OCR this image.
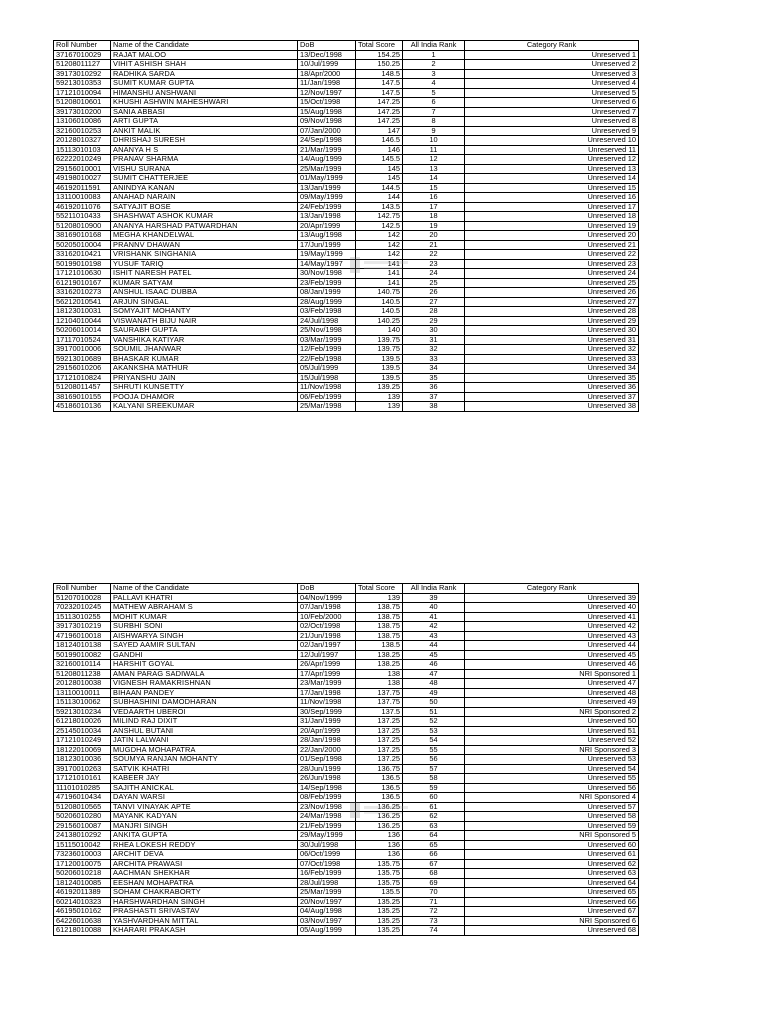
Roll Number	Name of the Candidate	DoB	Total Score	All India Rank	Category Rank
37167010029	RAJAT MALOO	13/Dec/1998	154.25	1	Unreserved 1
51208011127	VIHIT ASHISH SHAH	10/Jul/1999	150.25	2	Unreserved 2
39173010292	RADHIKA SARDA	18/Apr/2000	148.5	3	Unreserved 3
59213010353	SUMIT KUMAR GUPTA	11/Jan/1998	147.5	4	Unreserved 4
17121010094	HIMANSHU ANSHWANI	12/Nov/1997	147.5	5	Unreserved 5
51208010601	KHUSHI ASHWIN MAHESHWARI	15/Oct/1998	147.25	6	Unreserved 6
39173010200	SANIA ABBASI	15/Aug/1998	147.25	7	Unreserved 7
13106010086	ARTI GUPTA	09/Nov/1998	147.25	8	Unreserved 8
32160010253	ANKIT MALIK	07/Jan/2000	147	9	Unreserved 9
20128010327	DHRISHAJ SURESH	24/Sep/1998	146.5	10	Unreserved 10
15113010103	ANANYA H S	21/Mar/1999	146	11	Unreserved 11
62222010249	PRANAV SHARMA	14/Aug/1999	145.5	12	Unreserved 12
29156010001	VISHU SURANA	25/Mar/1999	145	13	Unreserved 13
49198010027	SUMIT CHATTERJEE	01/May/1999	145	14	Unreserved 14
46192011591	ANINDYA KANAN	13/Jan/1999	144.5	15	Unreserved 15
13110010083	ANAHAD NARAIN	09/May/1999	144	16	Unreserved 16
46192011076	SATYAJIT BOSE	24/Feb/1999	143.5	17	Unreserved 17
55211010433	SHASHWAT ASHOK KUMAR	13/Jan/1998	142.75	18	Unreserved 18
51208010900	ANANYA HARSHAD PATWARDHAN	20/Apr/1999	142.5	19	Unreserved 19
38169010168	MEGHA KHANDELWAL	13/Aug/1998	142	20	Unreserved 20
50205010004	PRANNV DHAWAN	17/Jun/1999	142	21	Unreserved 21
33162010421	VRISHANK SINGHANIA	19/May/1999	142	22	Unreserved 22
50199010198	YUSUF TARIQ	14/May/1997	141	23	Unreserved 23
17121010630	ISHIT NARESH PATEL	30/Nov/1998	141	24	Unreserved 24
61219010167	KUMAR SATYAM	23/Feb/1999	141	25	Unreserved 25
33162010273	ANSHUL ISAAC DUBBA	08/Jan/1999	140.75	26	Unreserved 26
56212010541	ARJUN SINGAL	28/Aug/1999	140.5	27	Unreserved 27
18123010031	SOMYAJIT MOHANTY	03/Feb/1998	140.5	28	Unreserved 28
12104010044	VISWANATH BIJU NAIR	24/Jul/1998	140.25	29	Unreserved 29
50206010014	SAURABH GUPTA	25/Nov/1998	140	30	Unreserved 30
17117010524	VANSHIKA KATIYAR	03/Mar/1999	139.75	31	Unreserved 31
39170010006	SOUMIL JHANWAR	12/Feb/1999	139.75	32	Unreserved 32
59213010689	BHASKAR KUMAR	22/Feb/1998	139.5	33	Unreserved 33
29156010206	AKANKSHA MATHUR	05/Jul/1999	139.5	34	Unreserved 34
17121010824	PRIYANSHU JAIN	15/Jul/1998	139.5	35	Unreserved 35
51208011457	SHRUTI KUNSETTY	11/Nov/1998	139.25	36	Unreserved 36
38169010155	POOJA DHAMOR	06/Feb/1999	139	37	Unreserved 37
45186010136	KALYANI SREEKUMAR	25/Mar/1998	139	38	Unreserved 38
Roll Number	Name of the Candidate	DoB	Total Score	All India Rank	Category Rank
51207010028	PALLAVI KHATRI	04/Nov/1999	139	39	Unreserved 39
70232010245	MATHEW ABRAHAM S	07/Jan/1998	138.75	40	Unreserved 40
15113010255	MOHIT KUMAR	10/Feb/2000	138.75	41	Unreserved 41
39173010219	SURBHI SONI	02/Oct/1998	138.75	42	Unreserved 42
47196010018	AISHWARYA SINGH	21/Jun/1998	138.75	43	Unreserved 43
18124010138	SAYED AAMIR SULTAN	02/Jan/1997	138.5	44	Unreserved 44
50199010082	GANDHI	12/Jul/1997	138.25	45	Unreserved 45
32160010114	HARSHIT GOYAL	26/Apr/1999	138.25	46	Unreserved 46
51208011238	AMAN PARAG SADIWALA	17/Apr/1999	138	47	NRI Sponsored 1
20128010038	VIGNESH RAMAKRISHNAN	23/Mar/1999	138	48	Unreserved 47
13110010011	BIHAAN PANDEY	17/Jan/1998	137.75	49	Unreserved 48
15113010062	SUBHASHINI DAMODHARAN	11/Nov/1998	137.75	50	Unreserved 49
59213010234	VEDAARTH UBEROI	30/Sep/1999	137.5	51	NRI Sponsored 2
61218010026	MILIND RAJ DIXIT	31/Jan/1999	137.25	52	Unreserved 50
25145010034	ANSHUL BUTANI	20/Apr/1999	137.25	53	Unreserved 51
17121010249	JATIN LALWANI	28/Jan/1998	137.25	54	Unreserved 52
18122010069	MUGDHA MOHAPATRA	22/Jan/2000	137.25	55	NRI Sponsored 3
18123010036	SOUMYA RANJAN MOHANTY	01/Sep/1998	137.25	56	Unreserved 53
39170010263	SATVIK KHATRI	28/Jun/1999	136.75	57	Unreserved 54
17121010161	KABEER JAY	26/Jun/1998	136.5	58	Unreserved 55
11101010285	SAJITH ANICKAL	14/Sep/1998	136.5	59	Unreserved 56
47196010434	DAYAN WARSI	08/Feb/1999	136.5	60	NRI Sponsored 4
51208010565	TANVI VINAYAK APTE	23/Nov/1998	136.25	61	Unreserved 57
50206010280	MAYANK KADYAN	24/Mar/1998	136.25	62	Unreserved 58
29156010087	MANJRI SINGH	21/Feb/1999	136.25	63	Unreserved 59
24138010292	ANKITA GUPTA	29/May/1999	136	64	NRI Sponsored 5
15115010042	RHEA LOKESH REDDY	30/Jul/1998	136	65	Unreserved 60
73236010003	ARCHIT DEVA	06/Oct/1999	136	66	Unreserved 61
17120010075	ARCHITA PRAWASI	07/Oct/1998	135.75	67	Unreserved 62
50206010218	AACHMAN SHEKHAR	16/Feb/1999	135.75	68	Unreserved 63
18124010085	EESHAN MOHAPATRA	28/Jul/1998	135.75	69	Unreserved 64
46192011389	SOHAM CHAKRABORTY	25/Mar/1999	135.5	70	Unreserved 65
60214010323	HARSHWARDHAN SINGH	20/Nov/1997	135.25	71	Unreserved 66
46195010162	PRASHASTI SRIVASTAV	04/Aug/1998	135.25	72	Unreserved 67
64226010638	YASHVARDHAN MITTAL	03/Nov/1997	135.25	73	NRI Sponsored 6
61218010088	KHARARI PRAKASH	05/Aug/1999	135.25	74	Unreserved 68
